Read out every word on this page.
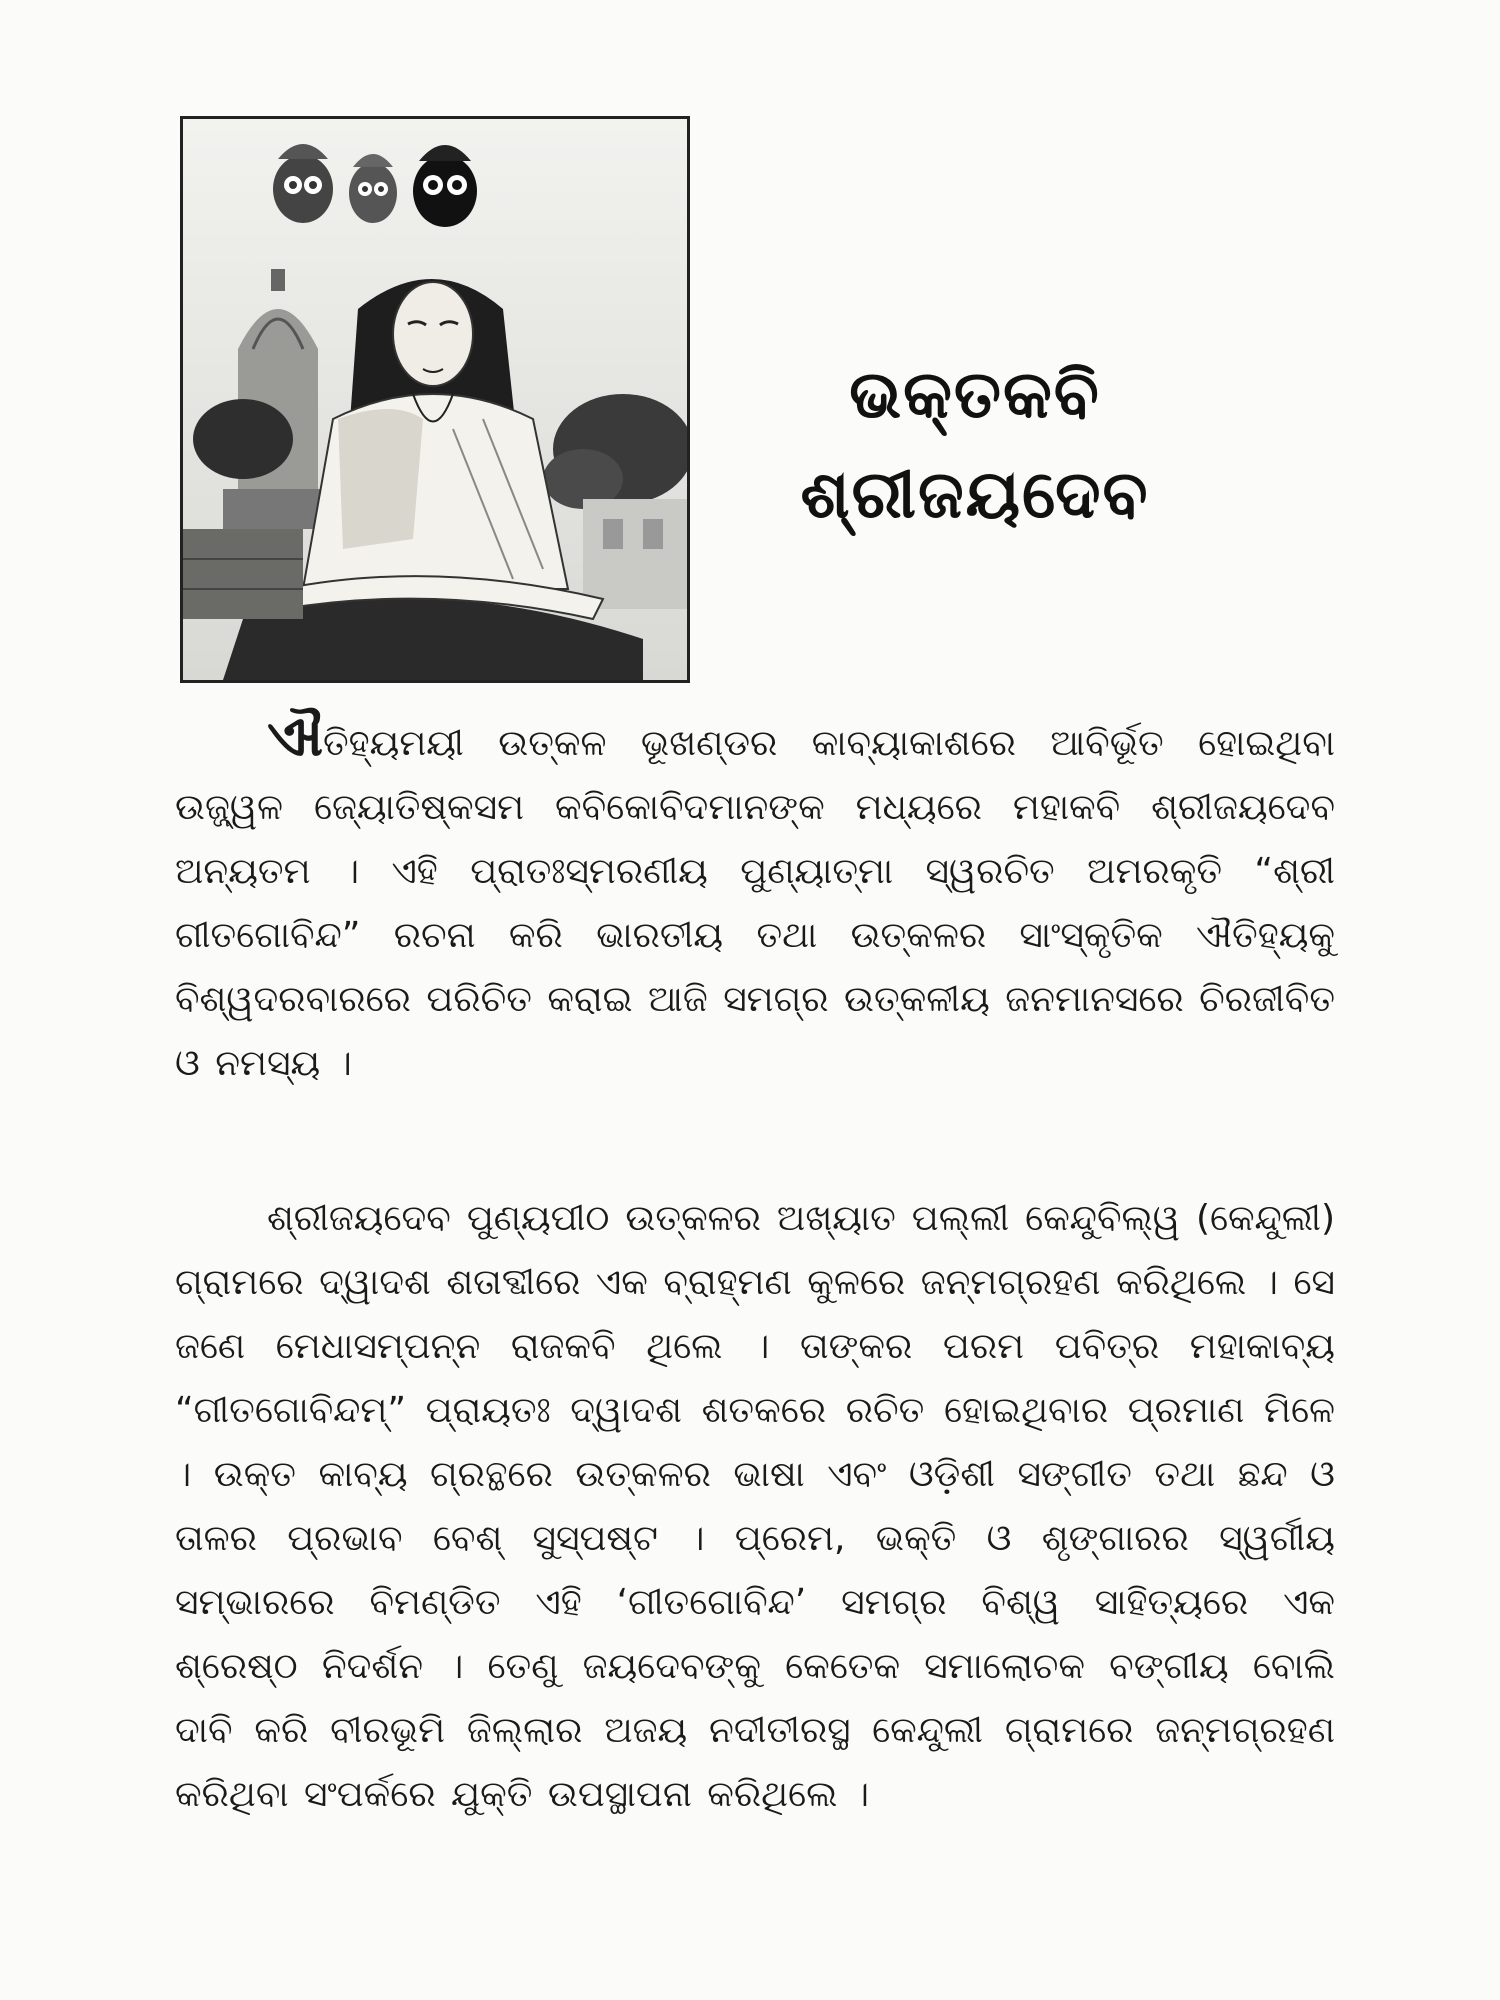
ଭକ୍ତକବି
ଶ୍ରୀଜୟଦେବ

ଐତିହ୍ୟମୟୀ ଉତ୍କଳ ଭୂଖଣ୍ଡର କାବ୍ୟାକାଶରେ ଆବିର୍ଭୂତ ହୋଇଥିବା ଉଜ୍ଜ୍ୱଳ ଜ୍ୟୋତିଷ୍କସମ କବିକୋବିଦମାନଙ୍କ ମଧ୍ୟରେ ମହାକବି ଶ୍ରୀଜୟଦେବ ଅନ୍ୟତମ । ଏହି ପ୍ରାତଃସ୍ମରଣୀୟ ପୁଣ୍ୟାତ୍ମା ସ୍ୱରଚିତ ଅମରକୃତି “ଶ୍ରୀ ଗୀତଗୋବିନ୍ଦ” ରଚନା କରି ଭାରତୀୟ ତଥା ଉତ୍କଳର ସାଂସ୍କୃତିକ ଐତିହ୍ୟକୁ ବିଶ୍ୱଦରବାରରେ ପରିଚିତ କରାଇ ଆଜି ସମଗ୍ର ଉତ୍କଳୀୟ ଜନମାନସରେ ଚିରଜୀବିତ ଓ ନମସ୍ୟ ।

ଶ୍ରୀଜୟଦେବ ପୁଣ୍ୟପୀଠ ଉତ୍କଳର ଅଖ୍ୟାତ ପଲ୍ଲୀ କେନ୍ଦୁବିଲ୍ୱ (କେନ୍ଦୁଲୀ) ଗ୍ରାମରେ ଦ୍ୱାଦଶ ଶତାବ୍ଦୀରେ ଏକ ବ୍ରାହ୍ମଣ କୁଳରେ ଜନ୍ମଗ୍ରହଣ କରିଥିଲେ । ସେ ଜଣେ ମେଧାସମ୍ପନ୍ନ ରାଜକବି ଥିଲେ । ତାଙ୍କର ପରମ ପବିତ୍ର ମହାକାବ୍ୟ “ଗୀତଗୋବିନ୍ଦମ୍” ପ୍ରାୟତଃ ଦ୍ୱାଦଶ ଶତକରେ ରଚିତ ହୋଇଥିବାର ପ୍ରମାଣ ମିଳେ । ଉକ୍ତ କାବ୍ୟ ଗ୍ରନ୍ଥରେ ଉତ୍କଳର ଭାଷା ଏବଂ ଓଡ଼ିଶୀ ସଙ୍ଗୀତ ତଥା ଛନ୍ଦ ଓ ତାଳର ପ୍ରଭାବ ବେଶ୍ ସୁସ୍ପଷ୍ଟ । ପ୍ରେମ, ଭକ୍ତି ଓ ଶୃଙ୍ଗାରର ସ୍ୱର୍ଗୀୟ ସମ୍ଭାରରେ ବିମଣ୍ଡିତ ଏହି ‘ଗୀତଗୋବିନ୍ଦ’ ସମଗ୍ର ବିଶ୍ୱ ସାହିତ୍ୟରେ ଏକ ଶ୍ରେଷ୍ଠ ନିଦର୍ଶନ । ତେଣୁ ଜୟଦେବଙ୍କୁ କେତେକ ସମାଲୋଚକ ବଙ୍ଗୀୟ ବୋଲି ଦାବି କରି ବୀରଭୂମି ଜିଲ୍ଲାର ଅଜୟ ନଦୀତୀରସ୍ଥ କେନ୍ଦୁଲୀ ଗ୍ରାମରେ ଜନ୍ମଗ୍ରହଣ କରିଥିବା ସଂପର୍କରେ ଯୁକ୍ତି ଉପସ୍ଥାପନା କରିଥିଲେ ।
